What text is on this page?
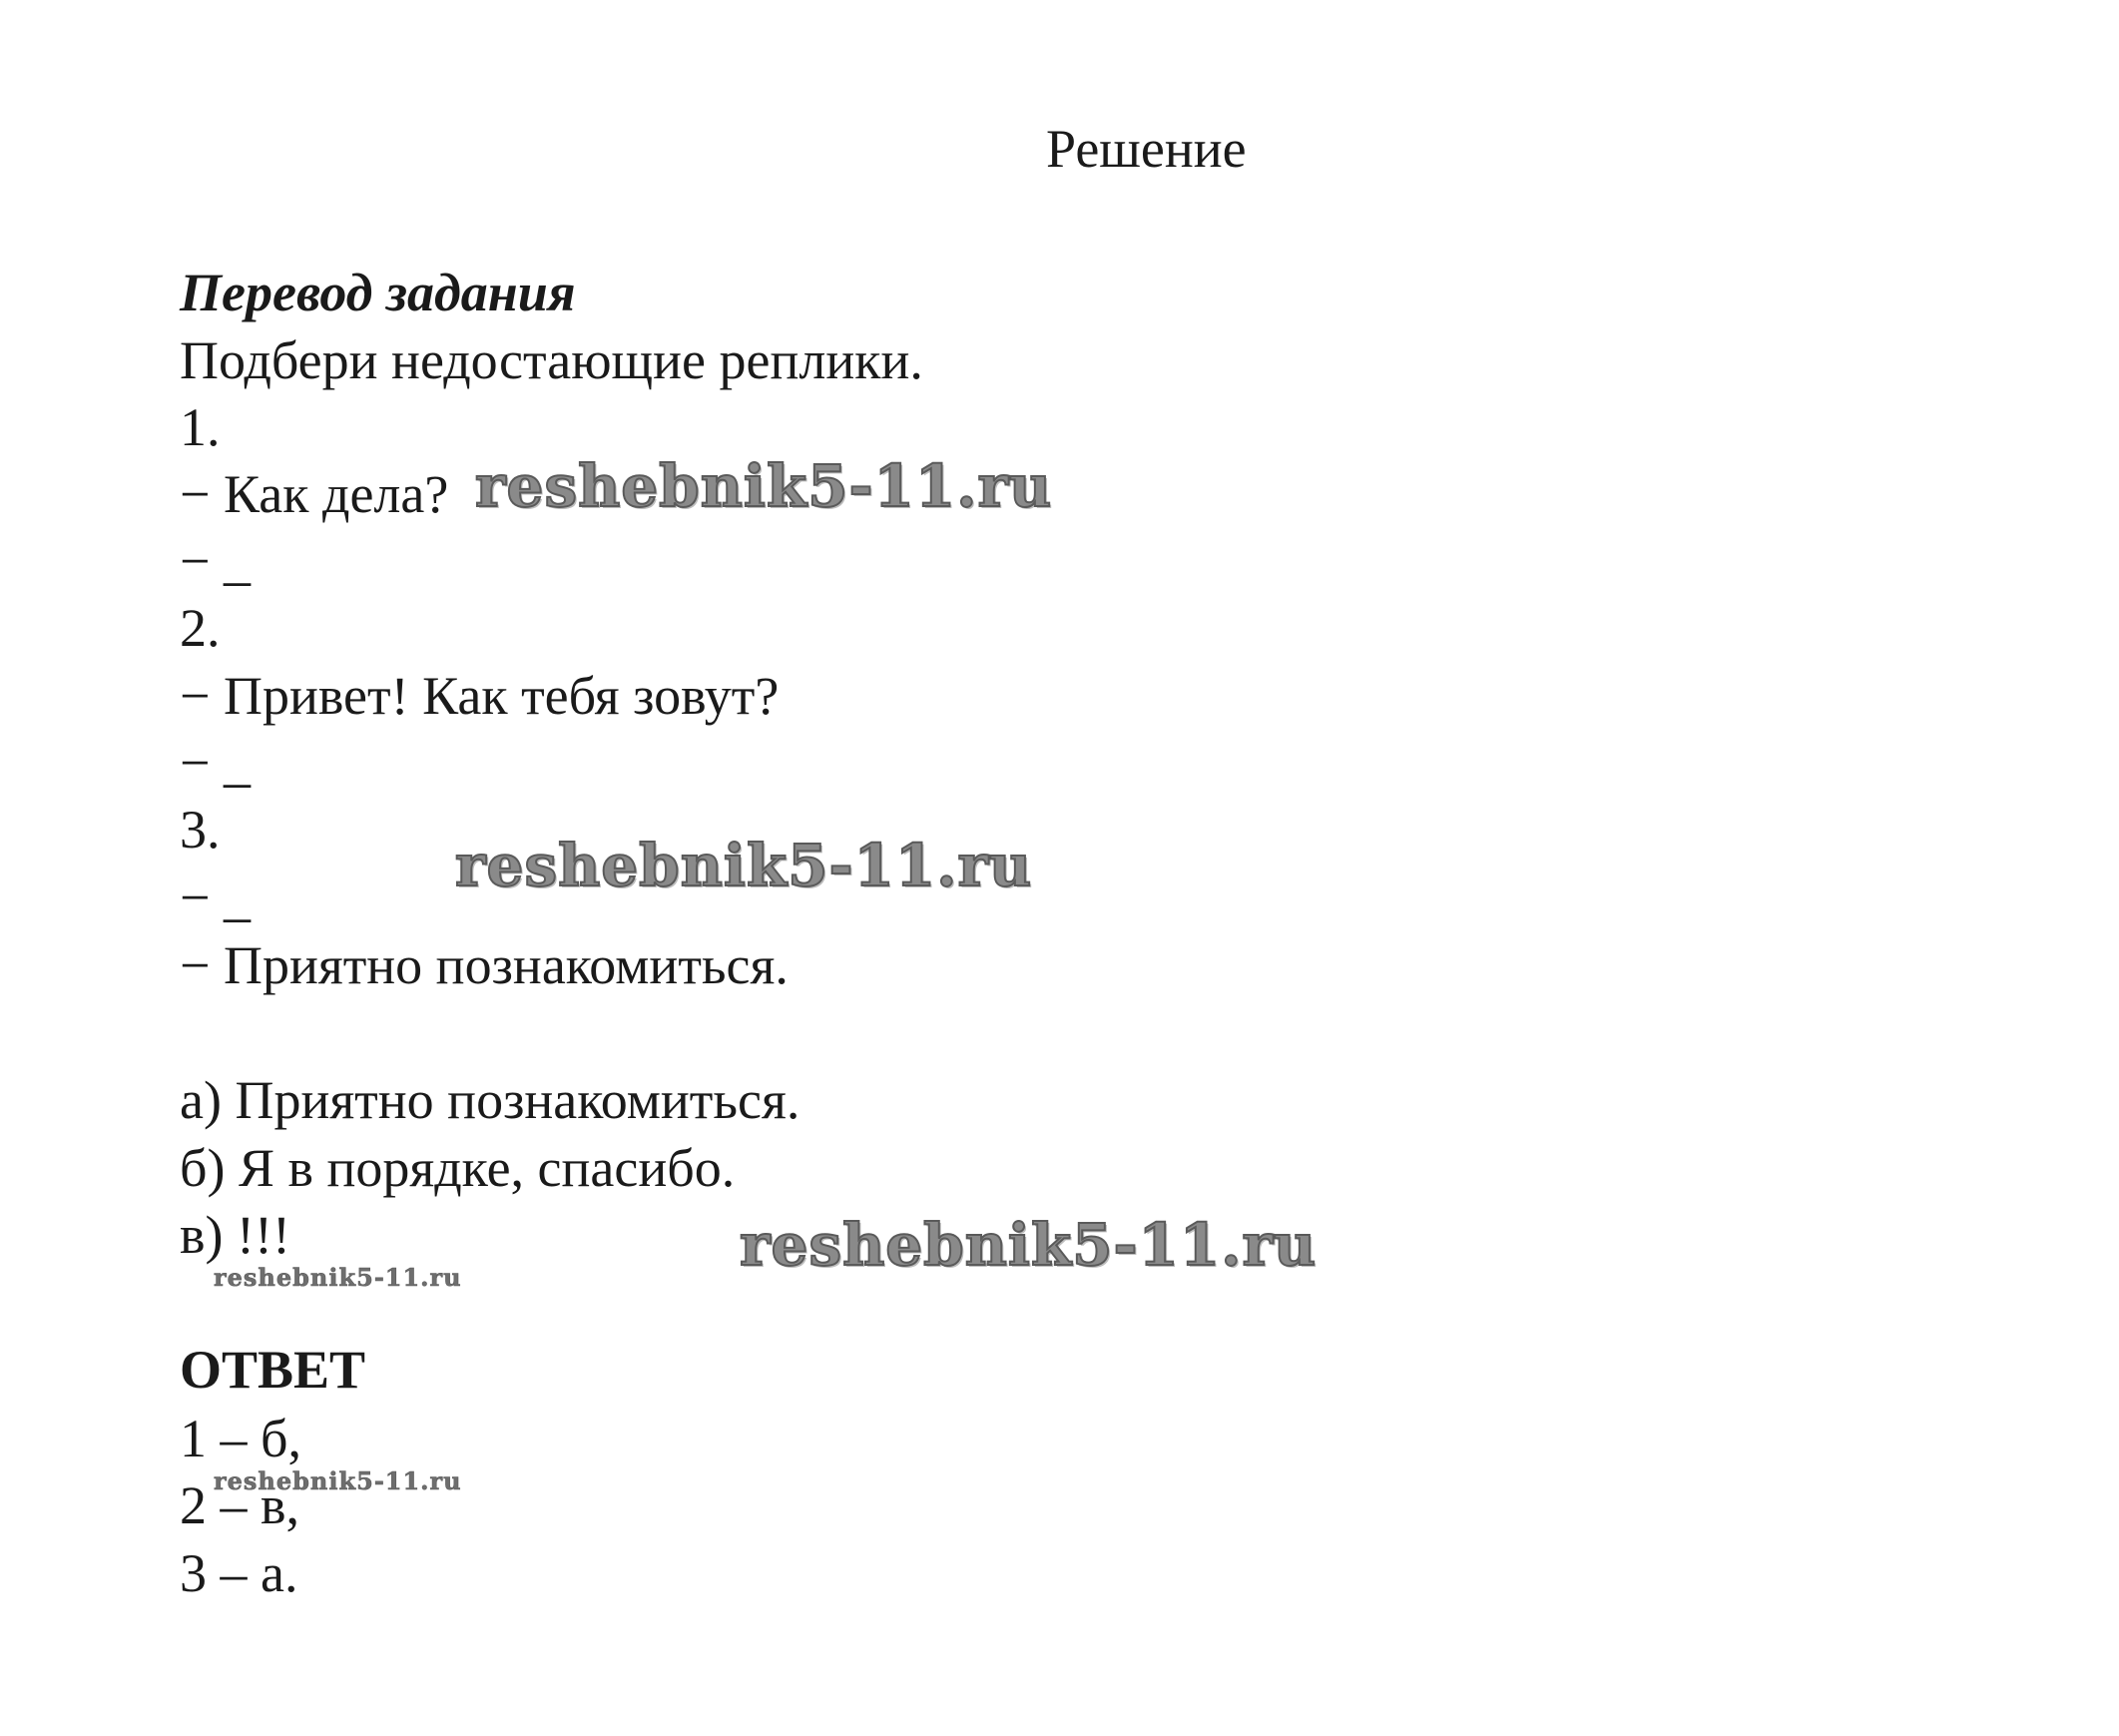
Решение
Перевод задания
Подбери недостающие реплики.
1.
− Как дела?
− _
2.
− Привет! Как тебя зовут?
− _
3.
− _
− Приятно познакомиться.
а) Приятно познакомиться.
б) Я в порядке, спасибо.
в) !!!
ОТВЕТ
1 – б,
2 – в,
3 – а.
reshebnik5-11.ru
reshebnik5-11.ru
reshebnik5-11.ru
reshebnik5-11.ru
reshebnik5-11.ru
